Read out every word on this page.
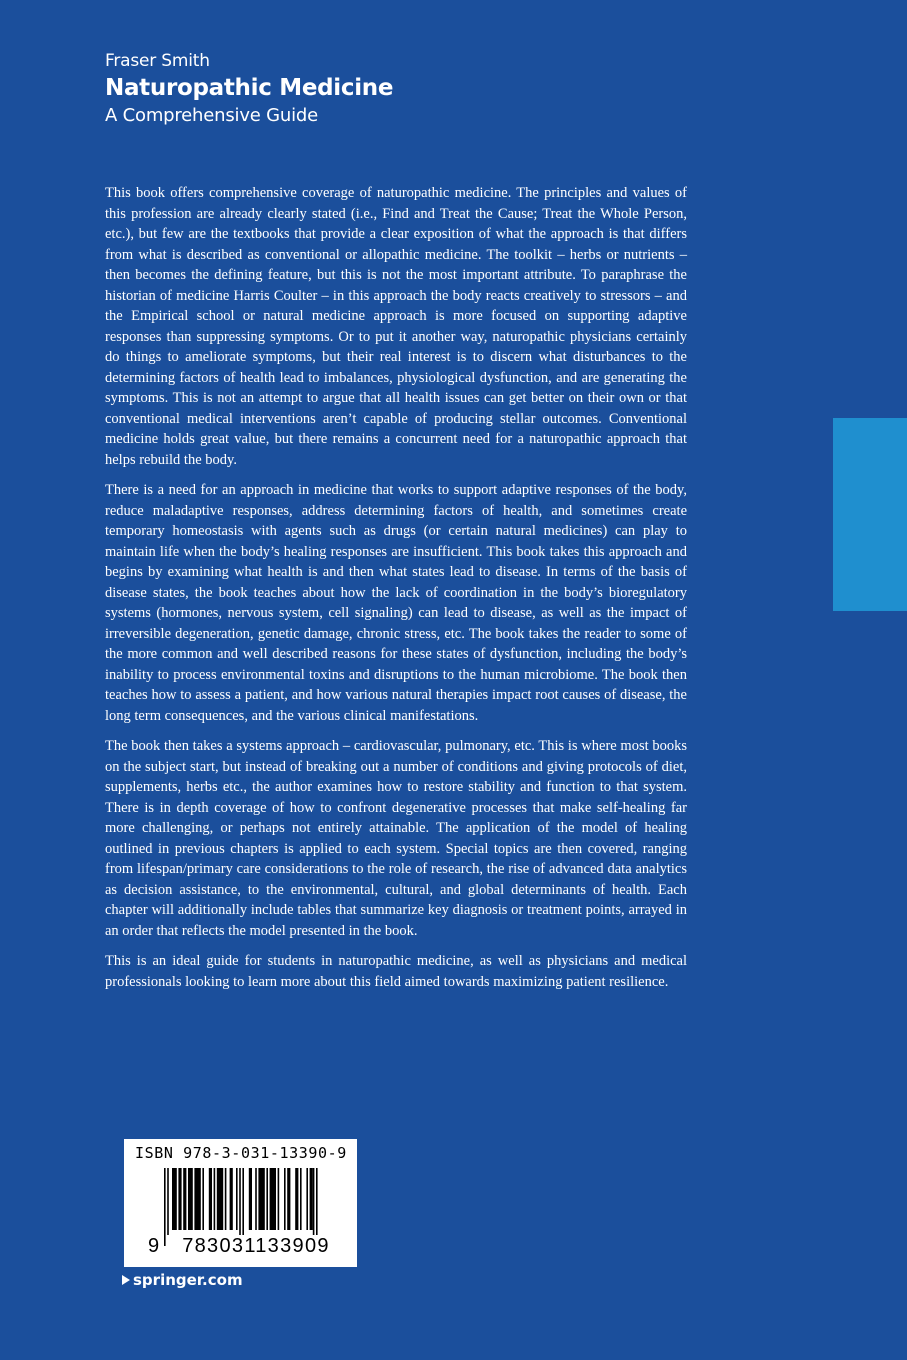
Fraser Smith
Naturopathic Medicine
A Comprehensive Guide

This book offers comprehensive coverage of naturopathic medicine. The principles and values of this profession are already clearly stated (i.e., Find and Treat the Cause; Treat the Whole Person, etc.), but few are the textbooks that provide a clear exposition of what the approach is that differs from what is described as conventional or allopathic medicine. The toolkit – herbs or nutrients – then becomes the defining feature, but this is not the most important attribute. To paraphrase the historian of medicine Harris Coulter – in this approach the body reacts creatively to stressors – and the Empirical school or natural medicine approach is more focused on supporting adaptive responses than suppressing symptoms. Or to put it another way, naturopathic physicians certainly do things to ameliorate symptoms, but their real interest is to discern what disturbances to the determining factors of health lead to imbalances, physiological dysfunction, and are generating the symptoms. This is not an attempt to argue that all health issues can get better on their own or that conventional medical interventions aren’t capable of producing stellar outcomes. Conventional medicine holds great value, but there remains a concurrent need for a naturopathic approach that helps rebuild the body.

There is a need for an approach in medicine that works to support adaptive responses of the body, reduce maladaptive responses, address determining factors of health, and sometimes create temporary homeostasis with agents such as drugs (or certain natural medicines) can play to maintain life when the body’s healing responses are insufficient. This book takes this approach and begins by examining what health is and then what states lead to disease. In terms of the basis of disease states, the book teaches about how the lack of coordination in the body’s bioregulatory systems (hormones, nervous system, cell signaling) can lead to disease, as well as the impact of irreversible degeneration, genetic damage, chronic stress, etc. The book takes the reader to some of the more common and well described reasons for these states of dysfunction, including the body’s inability to process environmental toxins and disruptions to the human microbiome. The book then teaches how to assess a patient, and how various natural therapies impact root causes of disease, the long term consequences, and the various clinical manifestations.

The book then takes a systems approach – cardiovascular, pulmonary, etc. This is where most books on the subject start, but instead of breaking out a number of conditions and giving protocols of diet, supplements, herbs etc., the author examines how to restore stability and function to that system. There is in depth coverage of how to confront degenerative processes that make self-healing far more challenging, or perhaps not entirely attainable. The application of the model of healing outlined in previous chapters is applied to each system. Special topics are then covered, ranging from lifespan/primary care considerations to the role of research, the rise of advanced data analytics as decision assistance, to the environmental, cultural, and global determinants of health. Each chapter will additionally include tables that summarize key diagnosis or treatment points, arrayed in an order that reflects the model presented in the book.

This is an ideal guide for students in naturopathic medicine, as well as physicians and medical professionals looking to learn more about this field aimed towards maximizing patient resilience.

ISBN 978-3-031-13390-9
9	783031133909
springer.com
